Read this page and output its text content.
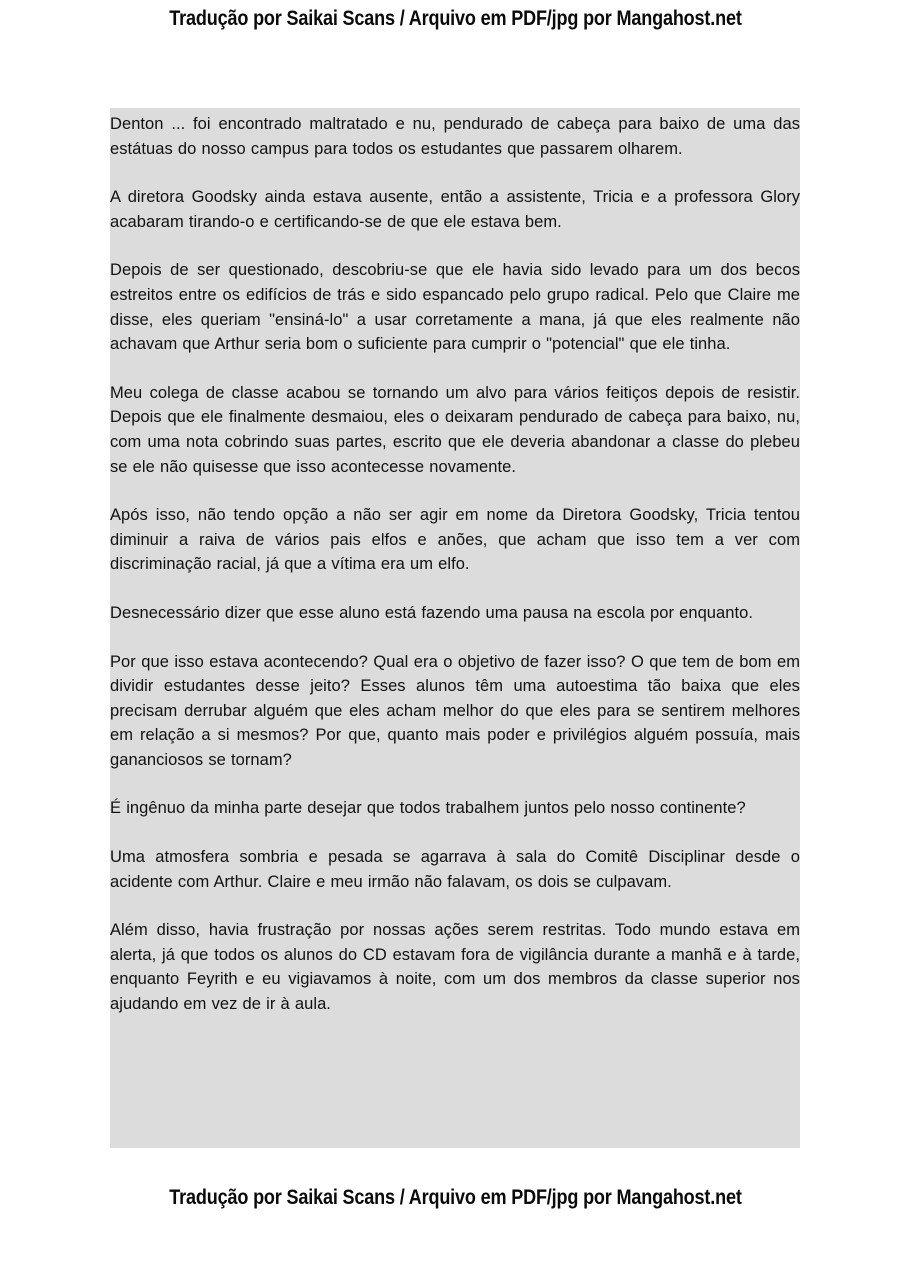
Tradução por Saikai Scans / Arquivo em PDF/jpg por Mangahost.net

Denton ... foi encontrado maltratado e nu, pendurado de cabeça para baixo de uma das estátuas do nosso campus para todos os estudantes que passarem olharem.

A diretora Goodsky ainda estava ausente, então a assistente, Tricia e a professora Glory acabaram tirando-o e certificando-se de que ele estava bem.

Depois de ser questionado, descobriu-se que ele havia sido levado para um dos becos estreitos entre os edifícios de trás e sido espancado pelo grupo radical. Pelo que Claire me disse, eles queriam "ensiná-lo" a usar corretamente a mana, já que eles realmente não achavam que Arthur seria bom o suficiente para cumprir o "potencial" que ele tinha.

Meu colega de classe acabou se tornando um alvo para vários feitiços depois de resistir. Depois que ele finalmente desmaiou, eles o deixaram pendurado de cabeça para baixo, nu, com uma nota cobrindo suas partes, escrito que ele deveria abandonar a classe do plebeu se ele não quisesse que isso acontecesse novamente.

Após isso, não tendo opção a não ser agir em nome da Diretora Goodsky, Tricia tentou diminuir a raiva de vários pais elfos e anões, que acham que isso tem a ver com discriminação racial, já que a vítima era um elfo.

Desnecessário dizer que esse aluno está fazendo uma pausa na escola por enquanto.

Por que isso estava acontecendo? Qual era o objetivo de fazer isso? O que tem de bom em dividir estudantes desse jeito? Esses alunos têm uma autoestima tão baixa que eles precisam derrubar alguém que eles acham melhor do que eles para se sentirem melhores em relação a si mesmos? Por que, quanto mais poder e privilégios alguém possuía, mais gananciosos se tornam?

É ingênuo da minha parte desejar que todos trabalhem juntos pelo nosso continente?

Uma atmosfera sombria e pesada se agarrava à sala do Comitê Disciplinar desde o acidente com Arthur. Claire e meu irmão não falavam, os dois se culpavam.

Além disso, havia frustração por nossas ações serem restritas. Todo mundo estava em alerta, já que todos os alunos do CD estavam fora de vigilância durante a manhã e à tarde, enquanto Feyrith e eu vigiavamos à noite, com um dos membros da classe superior nos ajudando em vez de ir à aula.

Tradução por Saikai Scans / Arquivo em PDF/jpg por Mangahost.net
